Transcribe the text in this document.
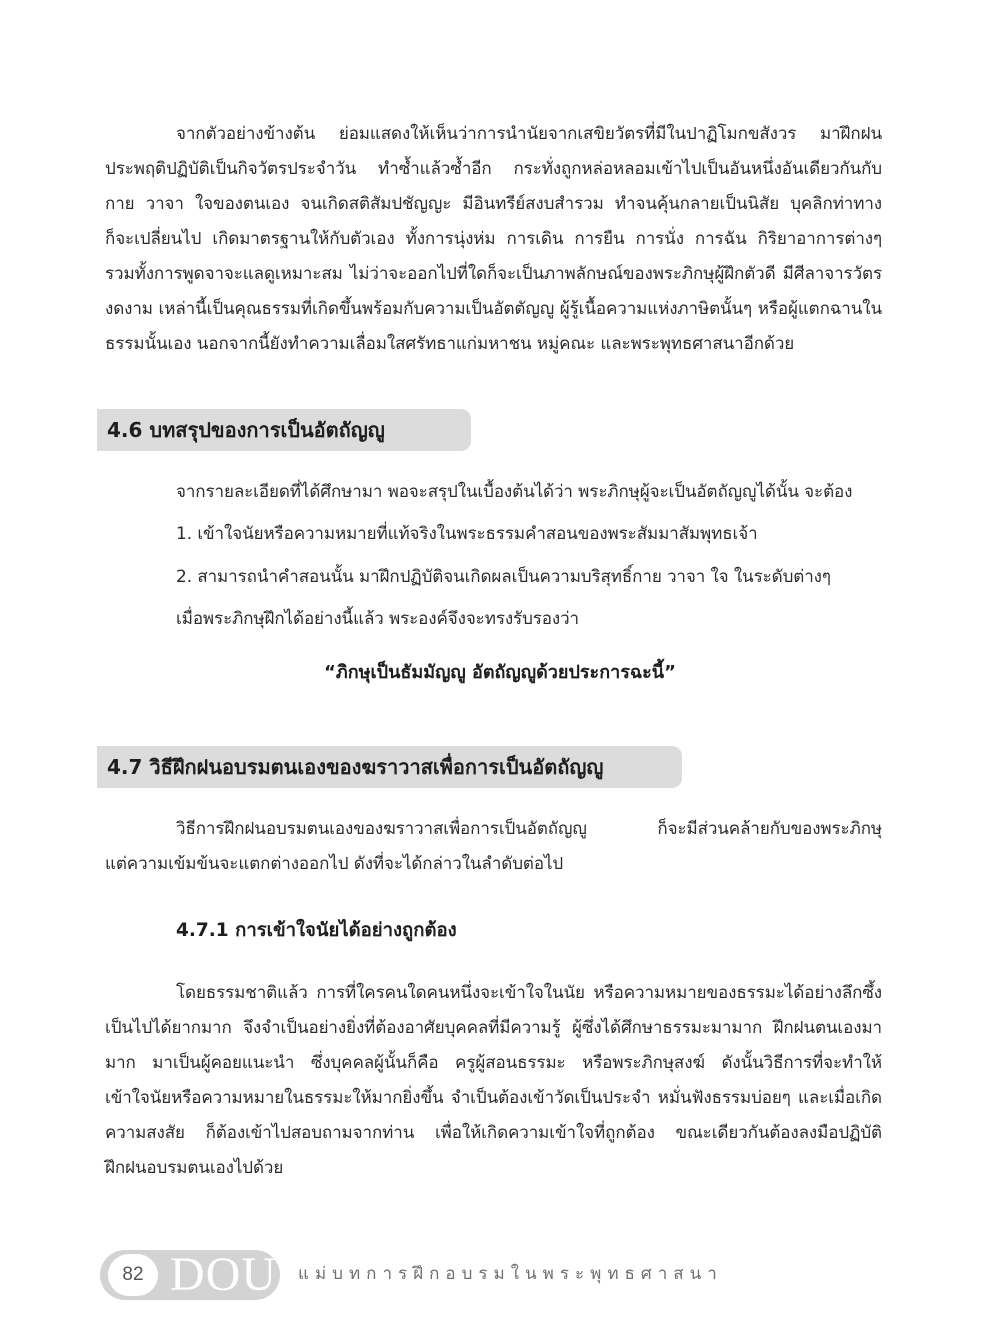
จากตัวอย่างข้างต้น ย่อมแสดงให้เห็นว่าการนำนัยจากเสขิยวัตรที่มีในปาฏิโมกขสังวร มาฝึกฝน
ประพฤติปฏิบัติเป็นกิจวัตรประจำวัน ทำซ้ำแล้วซ้ำอีก กระทั่งถูกหล่อหลอมเข้าไปเป็นอันหนึ่งอันเดียวกันกับ
กาย วาจา ใจของตนเอง จนเกิดสติสัมปชัญญะ มีอินทรีย์สงบสำรวม ทำจนคุ้นกลายเป็นนิสัย บุคลิกท่าทาง
ก็จะเปลี่ยนไป เกิดมาตรฐานให้กับตัวเอง ทั้งการนุ่งห่ม การเดิน การยืน การนั่ง การฉัน กิริยาอาการต่างๆ
รวมทั้งการพูดจาจะแลดูเหมาะสม ไม่ว่าจะออกไปที่ใดก็จะเป็นภาพลักษณ์ของพระภิกษุผู้ฝึกตัวดี มีศีลาจารวัตร
งดงาม เหล่านี้เป็นคุณธรรมที่เกิดขึ้นพร้อมกับความเป็นอัตตัญญู ผู้รู้เนื้อความแห่งภาษิตนั้นๆ หรือผู้แตกฉานใน
ธรรมนั้นเอง นอกจากนี้ยังทำความเลื่อมใสศรัทธาแก่มหาชน หมู่คณะ และพระพุทธศาสนาอีกด้วย
4.6 บทสรุปของการเป็นอัตถัญญู
จากรายละเอียดที่ได้ศึกษามา พอจะสรุปในเบื้องต้นได้ว่า พระภิกษุผู้จะเป็นอัตถัญญูได้นั้น จะต้อง
1. เข้าใจนัยหรือความหมายที่แท้จริงในพระธรรมคำสอนของพระสัมมาสัมพุทธเจ้า
2. สามารถนำคำสอนนั้น มาฝึกปฏิบัติจนเกิดผลเป็นความบริสุทธิ์กาย วาจา ใจ ในระดับต่างๆ
เมื่อพระภิกษุฝึกได้อย่างนี้แล้ว พระองค์จึงจะทรงรับรองว่า
“ภิกษุเป็นธัมมัญญู อัตถัญญูด้วยประการฉะนี้”
4.7 วิธีฝึกฝนอบรมตนเองของฆราวาสเพื่อการเป็นอัตถัญญู
วิธีการฝึกฝนอบรมตนเองของฆราวาสเพื่อการเป็นอัตถัญญู ก็จะมีส่วนคล้ายกับของพระภิกษุ
แต่ความเข้มข้นจะแตกต่างออกไป ดังที่จะได้กล่าวในลำดับต่อไป
4.7.1 การเข้าใจนัยได้อย่างถูกต้อง
โดยธรรมชาติแล้ว การที่ใครคนใดคนหนึ่งจะเข้าใจในนัย หรือความหมายของธรรมะได้อย่างลึกซึ้ง
เป็นไปได้ยากมาก จึงจำเป็นอย่างยิ่งที่ต้องอาศัยบุคคลที่มีความรู้ ผู้ซึ่งได้ศึกษาธรรมะมามาก ฝึกฝนตนเองมา
มาก มาเป็นผู้คอยแนะนำ ซึ่งบุคคลผู้นั้นก็คือ ครูผู้สอนธรรมะ หรือพระภิกษุสงฆ์ ดังนั้นวิธีการที่จะทำให้
เข้าใจนัยหรือความหมายในธรรมะให้มากยิ่งขึ้น จำเป็นต้องเข้าวัดเป็นประจำ หมั่นฟังธรรมบ่อยๆ และเมื่อเกิด
ความสงสัย ก็ต้องเข้าไปสอบถามจากท่าน เพื่อให้เกิดความเข้าใจที่ถูกต้อง ขณะเดียวกันต้องลงมือปฏิบัติ
ฝึกฝนอบรมตนเองไปด้วย
82 DOU แม่บทการฝึกอบรมในพระพุทธศาสนา
